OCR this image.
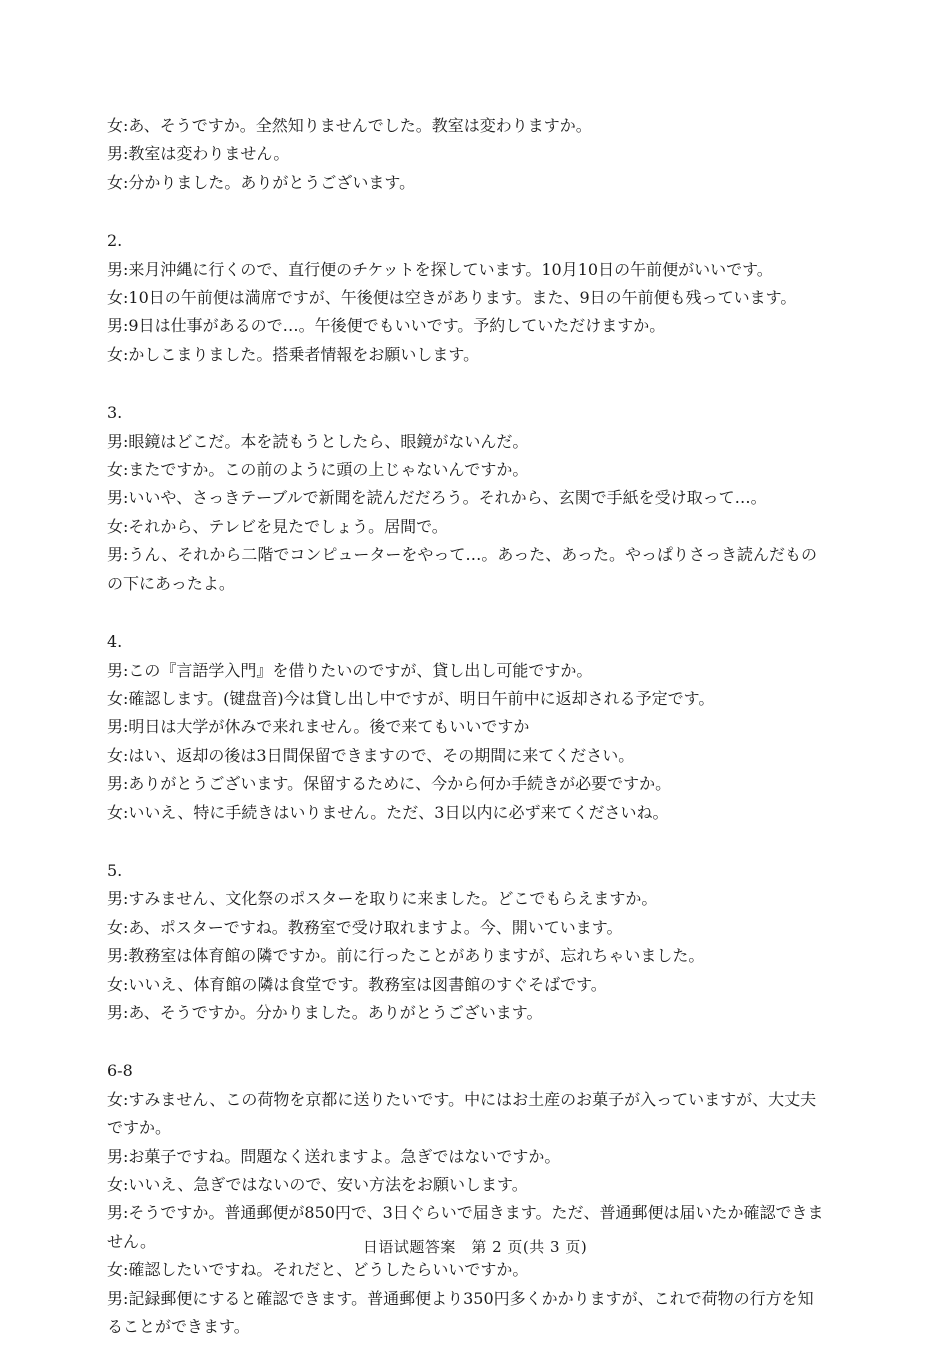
女:あ、そうですか。全然知りませんでした。教室は変わりますか。
男:教室は変わりません。
女:分かりました。ありがとうございます。
2.
男:来月沖縄に行くので、直行便のチケットを探しています。10月10日の午前便がいいです。
女:10日の午前便は満席ですが、午後便は空きがあります。また、9日の午前便も残っています。
男:9日は仕事があるので…。午後便でもいいです。予約していただけますか。
女:かしこまりました。搭乗者情報をお願いします。
3.
男:眼鏡はどこだ。本を読もうとしたら、眼鏡がないんだ。
女:またですか。この前のように頭の上じゃないんですか。
男:いいや、さっきテーブルで新聞を読んだだろう。それから、玄関で手紙を受け取って…。
女:それから、テレビを見たでしょう。居間で。
男:うん、それから二階でコンピューターをやって…。あった、あった。やっぱりさっき読んだものの下にあったよ。
4.
男:この『言語学入門』を借りたいのですが、貸し出し可能ですか。
女:確認します。(键盘音)今は貸し出し中ですが、明日午前中に返却される予定です。
男:明日は大学が休みで来れません。後で来てもいいですか
女:はい、返却の後は3日間保留できますので、その期間に来てください。
男:ありがとうございます。保留するために、今から何か手続きが必要ですか。
女:いいえ、特に手続きはいりません。ただ、3日以内に必ず来てくださいね。
5.
男:すみません、文化祭のポスターを取りに来ました。どこでもらえますか。
女:あ、ポスターですね。教務室で受け取れますよ。今、開いています。
男:教務室は体育館の隣ですか。前に行ったことがありますが、忘れちゃいました。
女:いいえ、体育館の隣は食堂です。教務室は図書館のすぐそばです。
男:あ、そうですか。分かりました。ありがとうございます。
6-8
女:すみません、この荷物を京都に送りたいです。中にはお土産のお菓子が入っていますが、大丈夫ですか。
男:お菓子ですね。問題なく送れますよ。急ぎではないですか。
女:いいえ、急ぎではないので、安い方法をお願いします。
男:そうですか。普通郵便が850円で、3日ぐらいで届きます。ただ、普通郵便は届いたか確認できません。
女:確認したいですね。それだと、どうしたらいいですか。
男:記録郵便にすると確認できます。普通郵便より350円多くかかりますが、これで荷物の行方を知ることができます。
日语试题答案　第 2 页(共 3 页)
